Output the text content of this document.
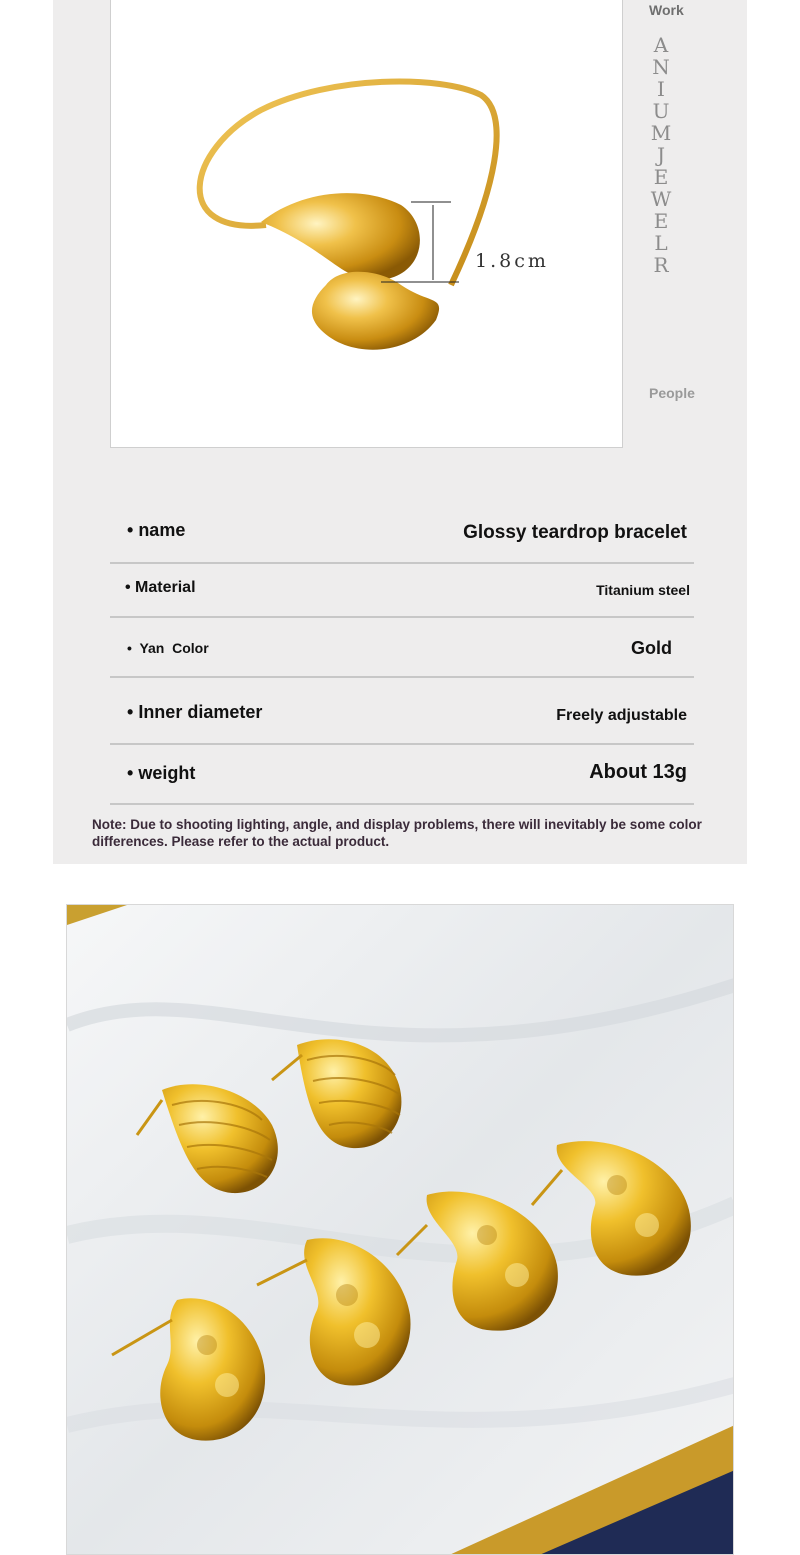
1.8cm
Work
ANIUM JEWELR
People
• name	Glossy teardrop bracelet
• Material	Titanium steel
•  Yan  Color	Gold
• Inner diameter	Freely adjustable
• weight	About 13g
Note: Due to shooting lighting, angle, and display problems, there will inevitably be some color differences. Please refer to the actual product.
